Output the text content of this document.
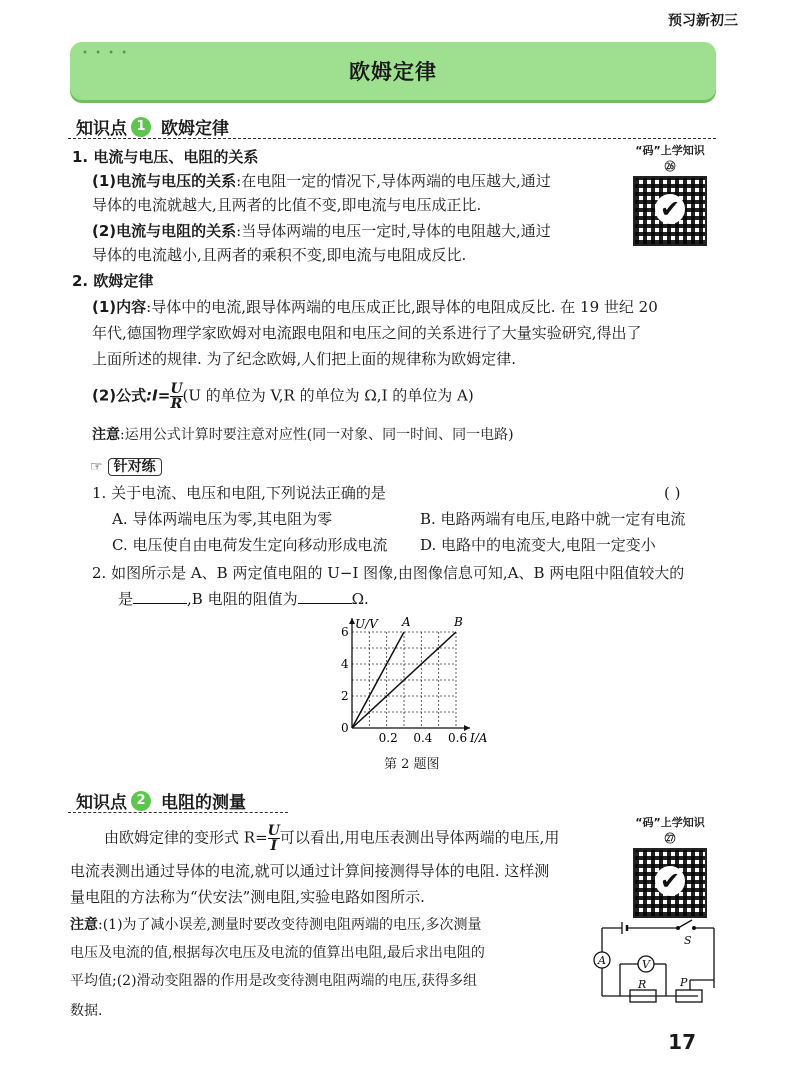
预习新初三
• • • •
欧姆定律
知识点 1 欧姆定律
“码”上学知识㉖
✔
1. 电流与电压、电阻的关系
(1)电流与电压的关系:在电阻一定的情况下,导体两端的电压越大,通过
导体的电流就越大,且两者的比值不变,即电流与电压成正比.
(2)电流与电阻的关系:当导体两端的电压一定时,导体的电阻越大,通过
导体的电流越小,且两者的乘积不变,即电流与电阻成反比.
2. 欧姆定律
(1)内容:导体中的电流,跟导体两端的电压成正比,跟导体的电阻成反比. 在 19 世纪 20
年代,德国物理学家欧姆对电流跟电阻和电压之间的关系进行了大量实验研究,得出了
上面所述的规律. 为了纪念欧姆,人们把上面的规律称为欧姆定律.
(2)公式$:I=\frac{U}{R} (U$ 的单位为 V,R 的单位为 Ω,I 的单位为 A)
注意:运用公式计算时要注意对应性(同一对象、同一时间、同一电路)
☞ 针对练
1. 关于电流、电压和电阻,下列说法正确的是	( )
A. 导体两端电压为零,其电阻为零	B. 电路两端有电压,电路中就一定有电流
C. 电压使自由电荷发生定向移动形成电流 D. 电路中的电流变大,电阻一定变小
2. 如图所示是 A、B 两定值电阻的 U−I 图像,由图像信息可知,A、B 两电阻中阻值较大的
是	,B 电阻的阻值为	Ω.
A	B
0.2 0.4 0.6
2
4
6
0
I/A
U/V
第 2 题图
知识点 2 电阻的测量
“码”上学知识㉗
✔
由欧姆定律的变形式 $R=\frac{U}{I}$ 可以看出,用电压表测出导体两端的电压,用
电流表测出通过导体的电流,就可以通过计算间接测得导体的电阻. 这样测
量电阻的方法称为“伏安法”测电阻,实验电路如图所示.
注意:(1)为了减小误差,测量时要改变待测电阻两端的电压,多次测量
电压及电流的值,根据每次电压及电流的值算出电阻,最后求出电阻的
平均值;(2)滑动变阻器的作用是改变待测电阻两端的电压,获得多组
数据.
S
A	V
R	P
17
